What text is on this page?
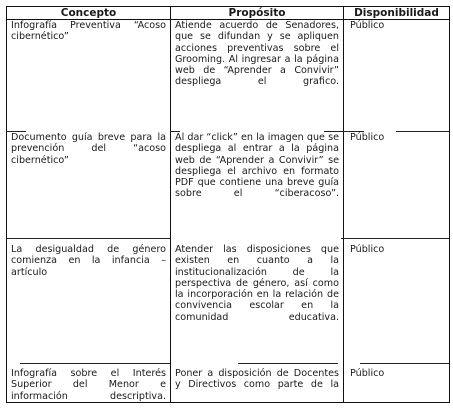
Concepto	Propósito	Disponibilidad
Infografía Preventiva “Acoso cibernético”	Atiende acuerdo de Senadores, que se difundan y se apliquen acciones preventivas sobre el Grooming. Al ingresar a la página web de “Aprender a Convivir” despliega el grafico.	Público
Documento guía breve para la prevención del “acoso cibernético”	Al dar “click” en la imagen que se despliega al entrar a la página web de “Aprender a Convivir” se despliega el archivo en formato PDF que contiene una breve guía sobre el “ciberacoso”.	Público
La desigualdad de género comienza en la infancia – artículo	Atender las disposiciones que existen en cuanto a la institucionalización de la perspectiva de género, así como la incorporación en la relación de convivencia escolar en la comunidad educativa.	Público
Infografía sobre el Interés Superior del Menor e información descriptiva.	Poner a disposición de Docentes y Directivos como parte de la	Público
